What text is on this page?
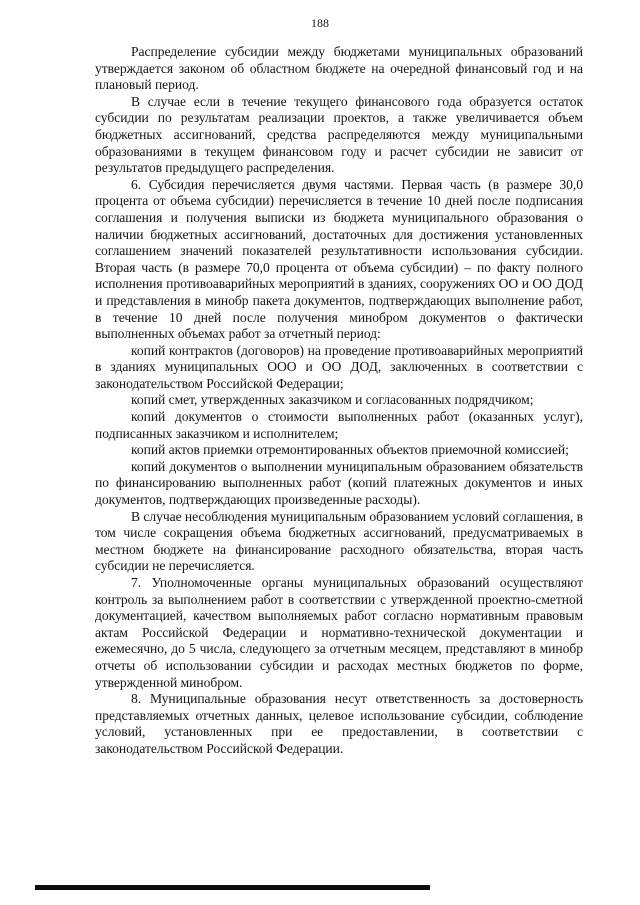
188

Распределение субсидии между бюджетами муниципальных образований утверждается законом об областном бюджете на очередной финансовый год и на плановый период.

В случае если в течение текущего финансового года образуется остаток субсидии по результатам реализации проектов, а также увеличивается объем бюджетных ассигнований, средства распределяются между муниципальными образованиями в текущем финансовом году и расчет субсидии не зависит от результатов предыдущего распределения.

6. Субсидия перечисляется двумя частями. Первая часть (в размере 30,0 процента от объема субсидии) перечисляется в течение 10 дней после подписания соглашения и получения выписки из бюджета муниципального образования о наличии бюджетных ассигнований, достаточных для достижения установленных соглашением значений показателей результативности использования субсидии. Вторая часть (в размере 70,0 процента от объема субсидии) – по факту полного исполнения противоаварийных мероприятий в зданиях, сооружениях ОО и ОО ДОД и представления в минобр пакета документов, подтверждающих выполнение работ, в течение 10 дней после получения минобром документов о фактически выполненных объемах работ за отчетный период:

копий контрактов (договоров) на проведение противоаварийных мероприятий в зданиях муниципальных ООО и ОО ДОД, заключенных в соответствии с законодательством Российской Федерации;

копий смет, утвержденных заказчиком и согласованных подрядчиком;

копий документов о стоимости выполненных работ (оказанных услуг), подписанных заказчиком и исполнителем;

копий актов приемки отремонтированных объектов приемочной комиссией;

копий документов о выполнении муниципальным образованием обязательств по финансированию выполненных работ (копий платежных документов и иных документов, подтверждающих произведенные расходы).

В случае несоблюдения муниципальным образованием условий соглашения, в том числе сокращения объема бюджетных ассигнований, предусматриваемых в местном бюджете на финансирование расходного обязательства, вторая часть субсидии не перечисляется.

7. Уполномоченные органы муниципальных образований осуществляют контроль за выполнением работ в соответствии с утвержденной проектно-сметной документацией, качеством выполняемых работ согласно нормативным правовым актам Российской Федерации и нормативно-технической документации и ежемесячно, до 5 числа, следующего за отчетным месяцем, представляют в минобр отчеты об использовании субсидии и расходах местных бюджетов по форме, утвержденной минобром.

8. Муниципальные образования несут ответственность за достоверность представляемых отчетных данных, целевое использование субсидии, соблюдение условий, установленных при ее предоставлении, в соответствии с законодательством Российской Федерации.
